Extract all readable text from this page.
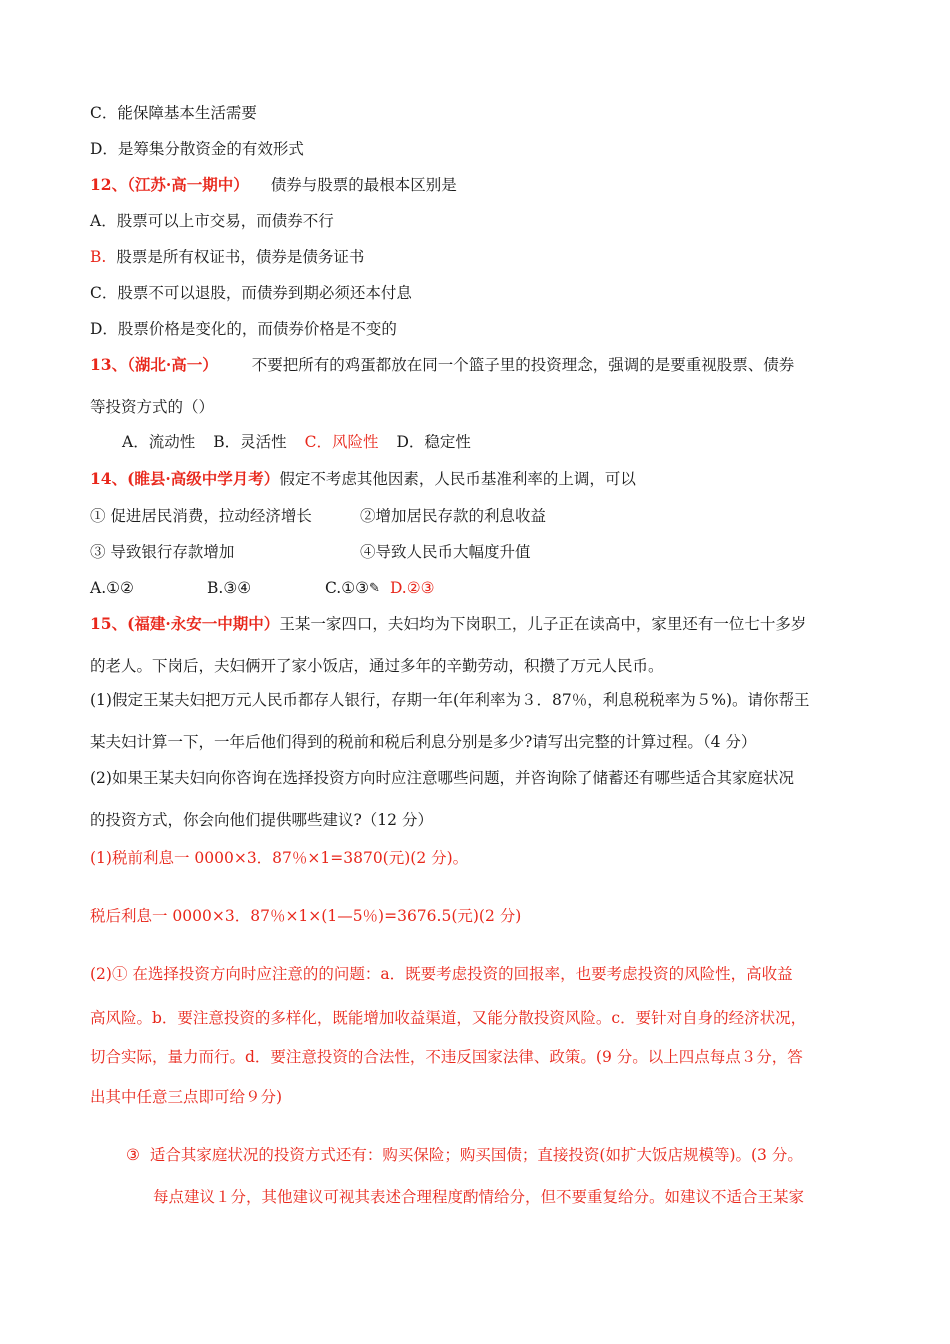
C．能保障基本生活需要
D．是筹集分散资金的有效形式
12、（江苏·高一期中） 债券与股票的最根本区别是
A．股票可以上市交易，而债券不行
B. 股票是所有权证书，债券是债务证书
C．股票不可以退股，而债券到期必须还本付息
D．股票价格是变化的，而债券价格是不变的
13、（湖北·高一） 不要把所有的鸡蛋都放在同一个篮子里的投资理念，强调的是要重视股票、债券
等投资方式的（）
A．流动性 B．灵活性 C．风险性 D．稳定性
14、(睢县·高级中学月考）假定不考虑其他因素，人民币基准利率的上调，可以
① 促进居民消费，拉动经济增长	②增加居民存款的利息收益
③ 导致银行存款增加	④导致人民币大幅度升值
A.①②	B.③④	C.①③✎ D.②③
15、(福建·永安一中期中）王某一家四口，夫妇均为下岗职工，儿子正在读高中，家里还有一位七十多岁
的老人。下岗后，夫妇俩开了家小饭店，通过多年的辛勤劳动，积攒了万元人民币。
(1)假定王某夫妇把万元人民币都存人银行，存期一年(年利率为３．87％，利息税税率为５%)。请你帮王
某夫妇计算一下，一年后他们得到的税前和税后利息分别是多少?请写出完整的计算过程。（4 分）
(2)如果王某夫妇向你咨询在选择投资方向时应注意哪些问题，并咨询除了储蓄还有哪些适合其家庭状况
的投资方式，你会向他们提供哪些建议?（12 分）
(1)税前利息一 0000×3．87％×1=3870(元)(2 分)。
税后利息一 0000×3．87％×1×(1—5％)=3676.5(元)(2 分)
(2)① 在选择投资方向时应注意的的问题：a．既要考虑投资的回报率，也要考虑投资的风险性，高收益
高风险。b．要注意投资的多样化，既能增加收益渠道，又能分散投资风险。c．要针对自身的经济状况，
切合实际，量力而行。d．要注意投资的合法性，不违反国家法律、政策。(9 分。以上四点每点３分，答
出其中任意三点即可给９分)
③ 适合其家庭状况的投资方式还有：购买保险；购买国债；直接投资(如扩大饭店规模等)。(3 分。
每点建议１分，其他建议可视其表述合理程度酌情给分，但不要重复给分。如建议不适合王某家
